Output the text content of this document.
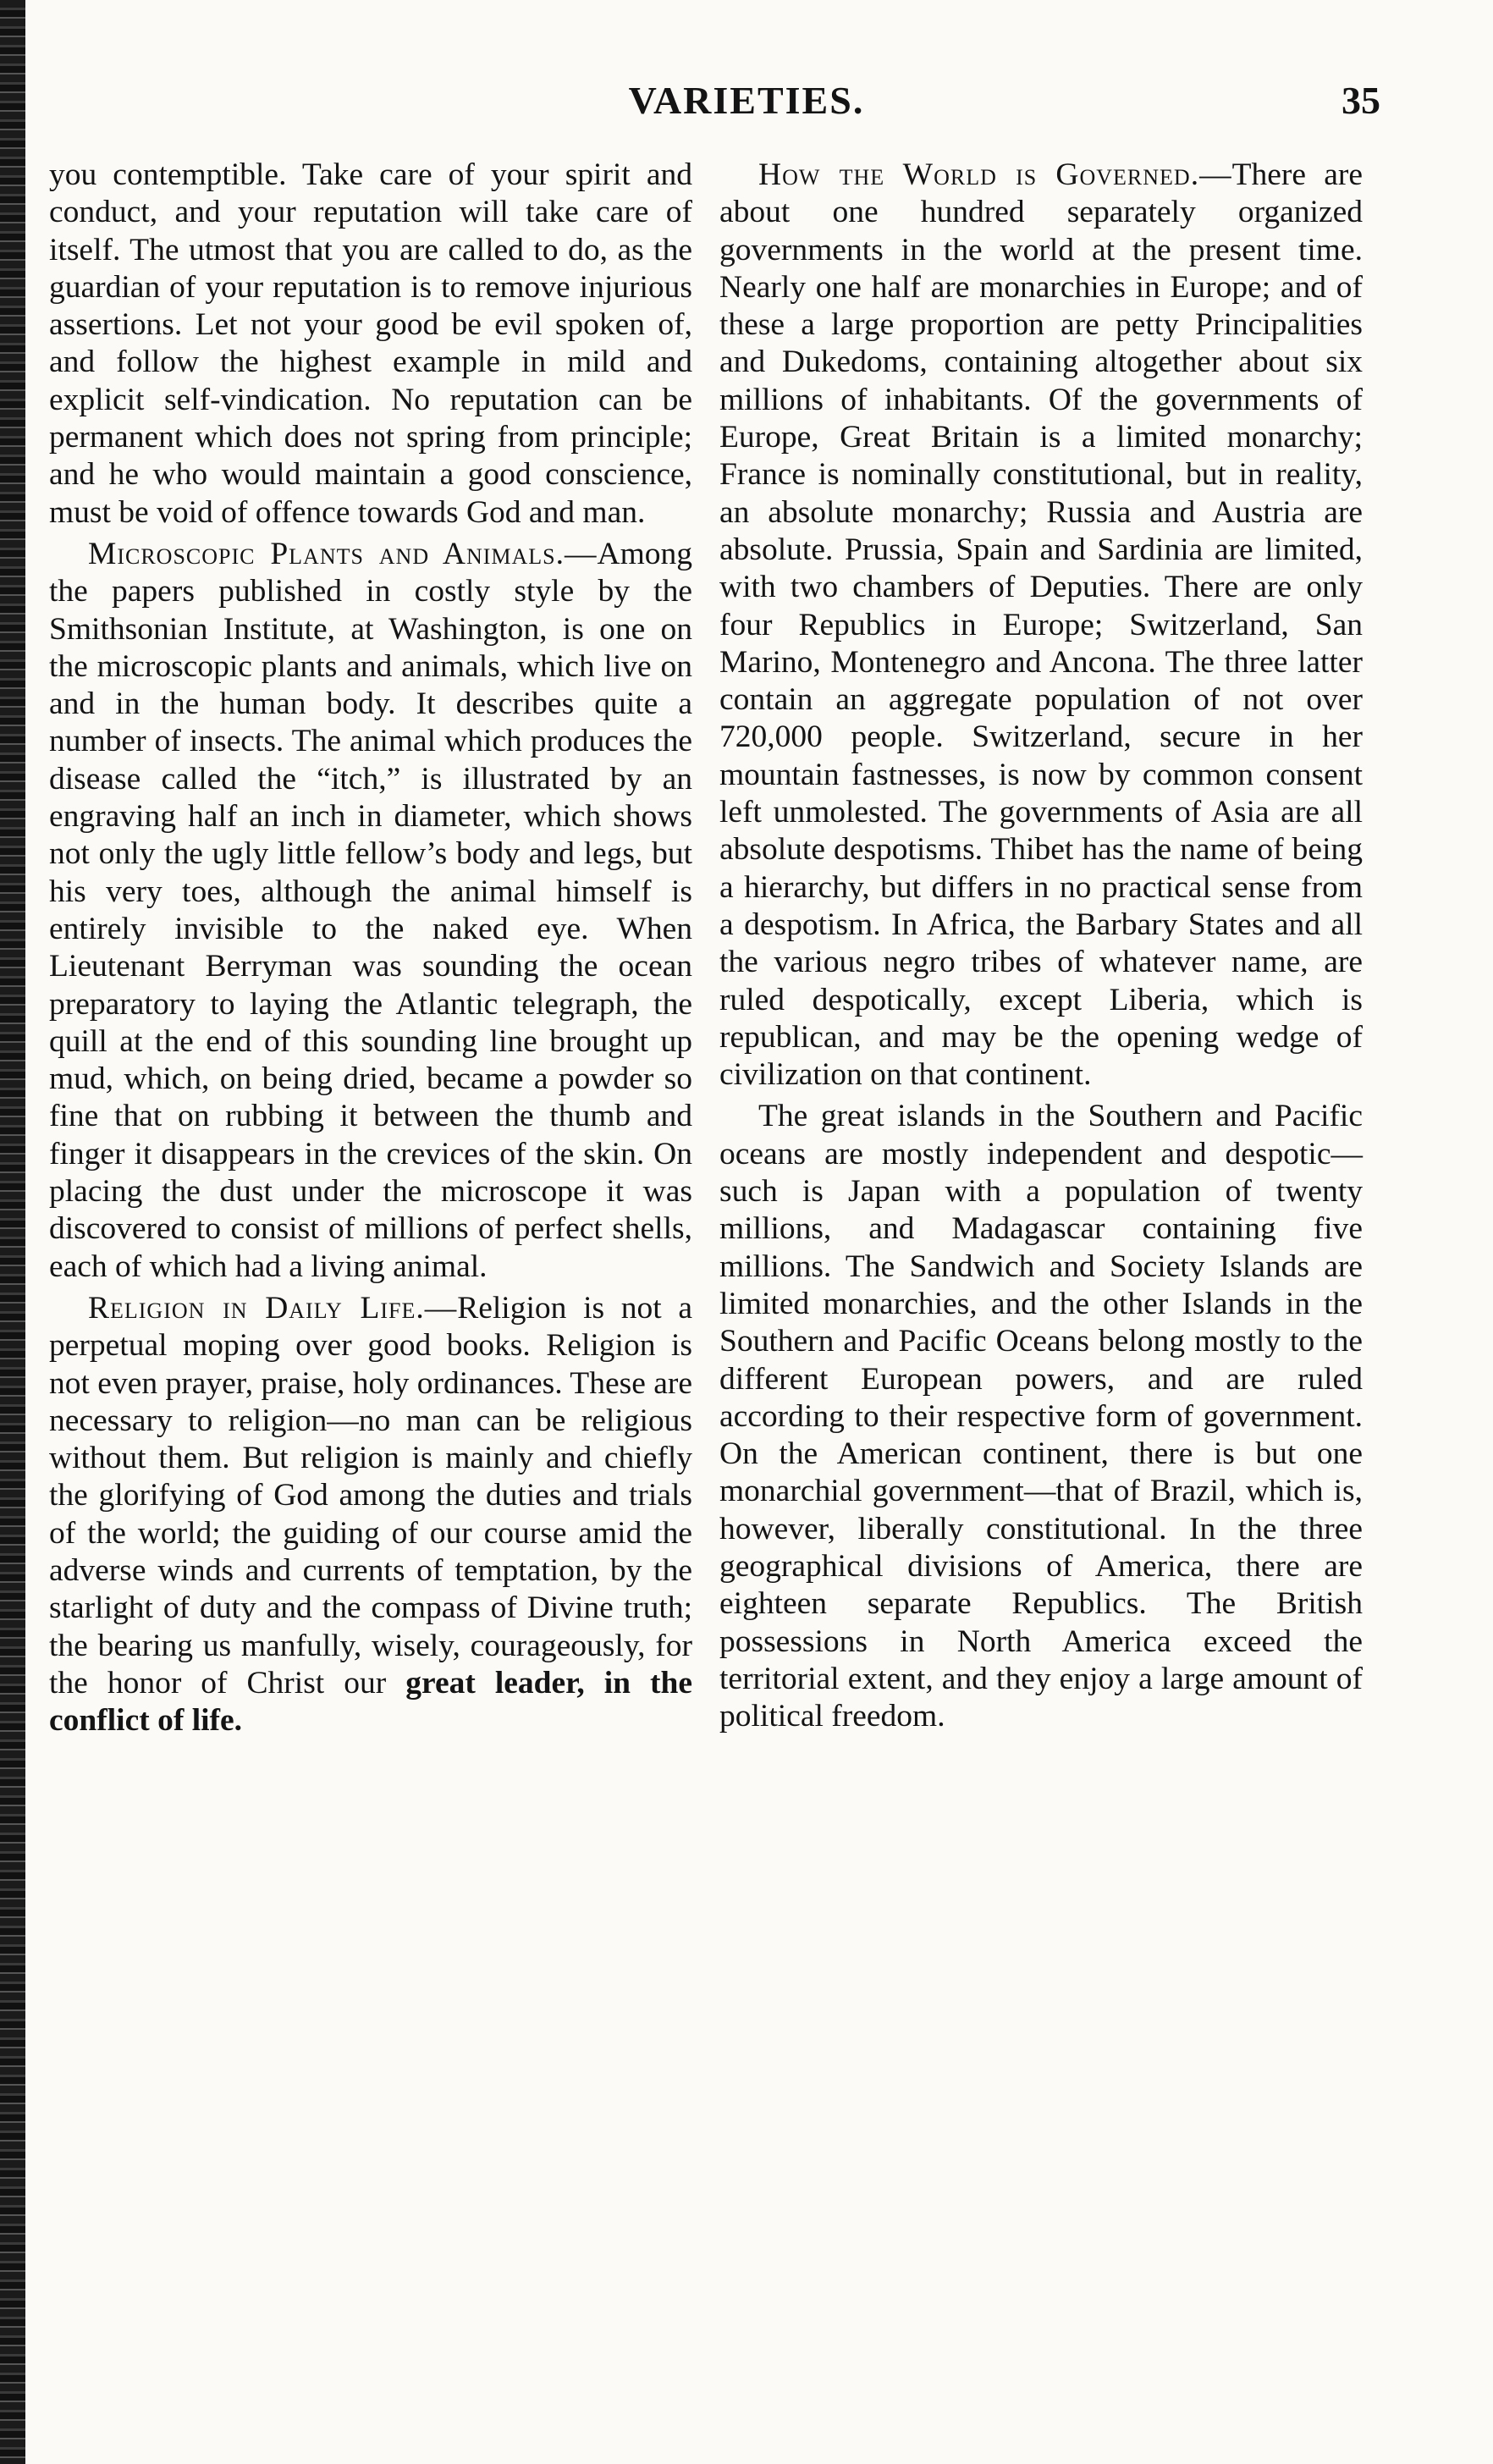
VARIETIES.	35

you contemptible. Take care of your spirit and conduct, and your reputation will take care of itself. The utmost that you are called to do, as the guardian of your reputation is to remove injurious assertions. Let not your good be evil spoken of, and follow the highest example in mild and explicit self-vindication. No reputation can be permanent which does not spring from principle; and he who would maintain a good conscience, must be void of offence towards God and man.

Microscopic Plants and Animals.—Among the papers published in costly style by the Smithsonian Institute, at Washington, is one on the microscopic plants and animals, which live on and in the human body. It describes quite a number of insects. The animal which produces the disease called the “itch,” is illustrated by an engraving half an inch in diameter, which shows not only the ugly little fellow’s body and legs, but his very toes, although the animal himself is entirely invisible to the naked eye. When Lieutenant Berryman was sounding the ocean preparatory to laying the Atlantic telegraph, the quill at the end of this sounding line brought up mud, which, on being dried, became a powder so fine that on rubbing it between the thumb and finger it disappears in the crevices of the skin. On placing the dust under the microscope it was discovered to consist of millions of perfect shells, each of which had a living animal.

Religion in Daily Life.—Religion is not a perpetual moping over good books. Religion is not even prayer, praise, holy ordinances. These are necessary to religion—no man can be religious without them. But religion is mainly and chiefly the glorifying of God among the duties and trials of the world; the guiding of our course amid the adverse winds and currents of temptation, by the starlight of duty and the compass of Divine truth; the bearing us manfully, wisely, courageously, for the honor of Christ our great leader, in the conflict of life.

How the World is Governed.—There are about one hundred separately organized governments in the world at the present time. Nearly one half are monarchies in Europe; and of these a large proportion are petty Principalities and Dukedoms, containing altogether about six millions of inhabitants. Of the governments of Europe, Great Britain is a limited monarchy; France is nominally constitutional, but in reality, an absolute monarchy; Russia and Austria are absolute. Prussia, Spain and Sardinia are limited, with two chambers of Deputies. There are only four Republics in Europe; Switzerland, San Marino, Montenegro and Ancona. The three latter contain an aggregate population of not over 720,000 people. Switzerland, secure in her mountain fastnesses, is now by common consent left unmolested. The governments of Asia are all absolute despotisms. Thibet has the name of being a hierarchy, but differs in no practical sense from a despotism. In Africa, the Barbary States and all the various negro tribes of whatever name, are ruled despotically, except Liberia, which is republican, and may be the opening wedge of civilization on that continent.

The great islands in the Southern and Pacific oceans are mostly independent and despotic—such is Japan with a population of twenty millions, and Madagascar containing five millions. The Sandwich and Society Islands are limited monarchies, and the other Islands in the Southern and Pacific Oceans belong mostly to the different European powers, and are ruled according to their respective form of government. On the American continent, there is but one monarchial government—that of Brazil, which is, however, liberally constitutional. In the three geographical divisions of America, there are eighteen separate Republics. The British possessions in North America exceed the territorial extent, and they enjoy a large amount of political freedom.
